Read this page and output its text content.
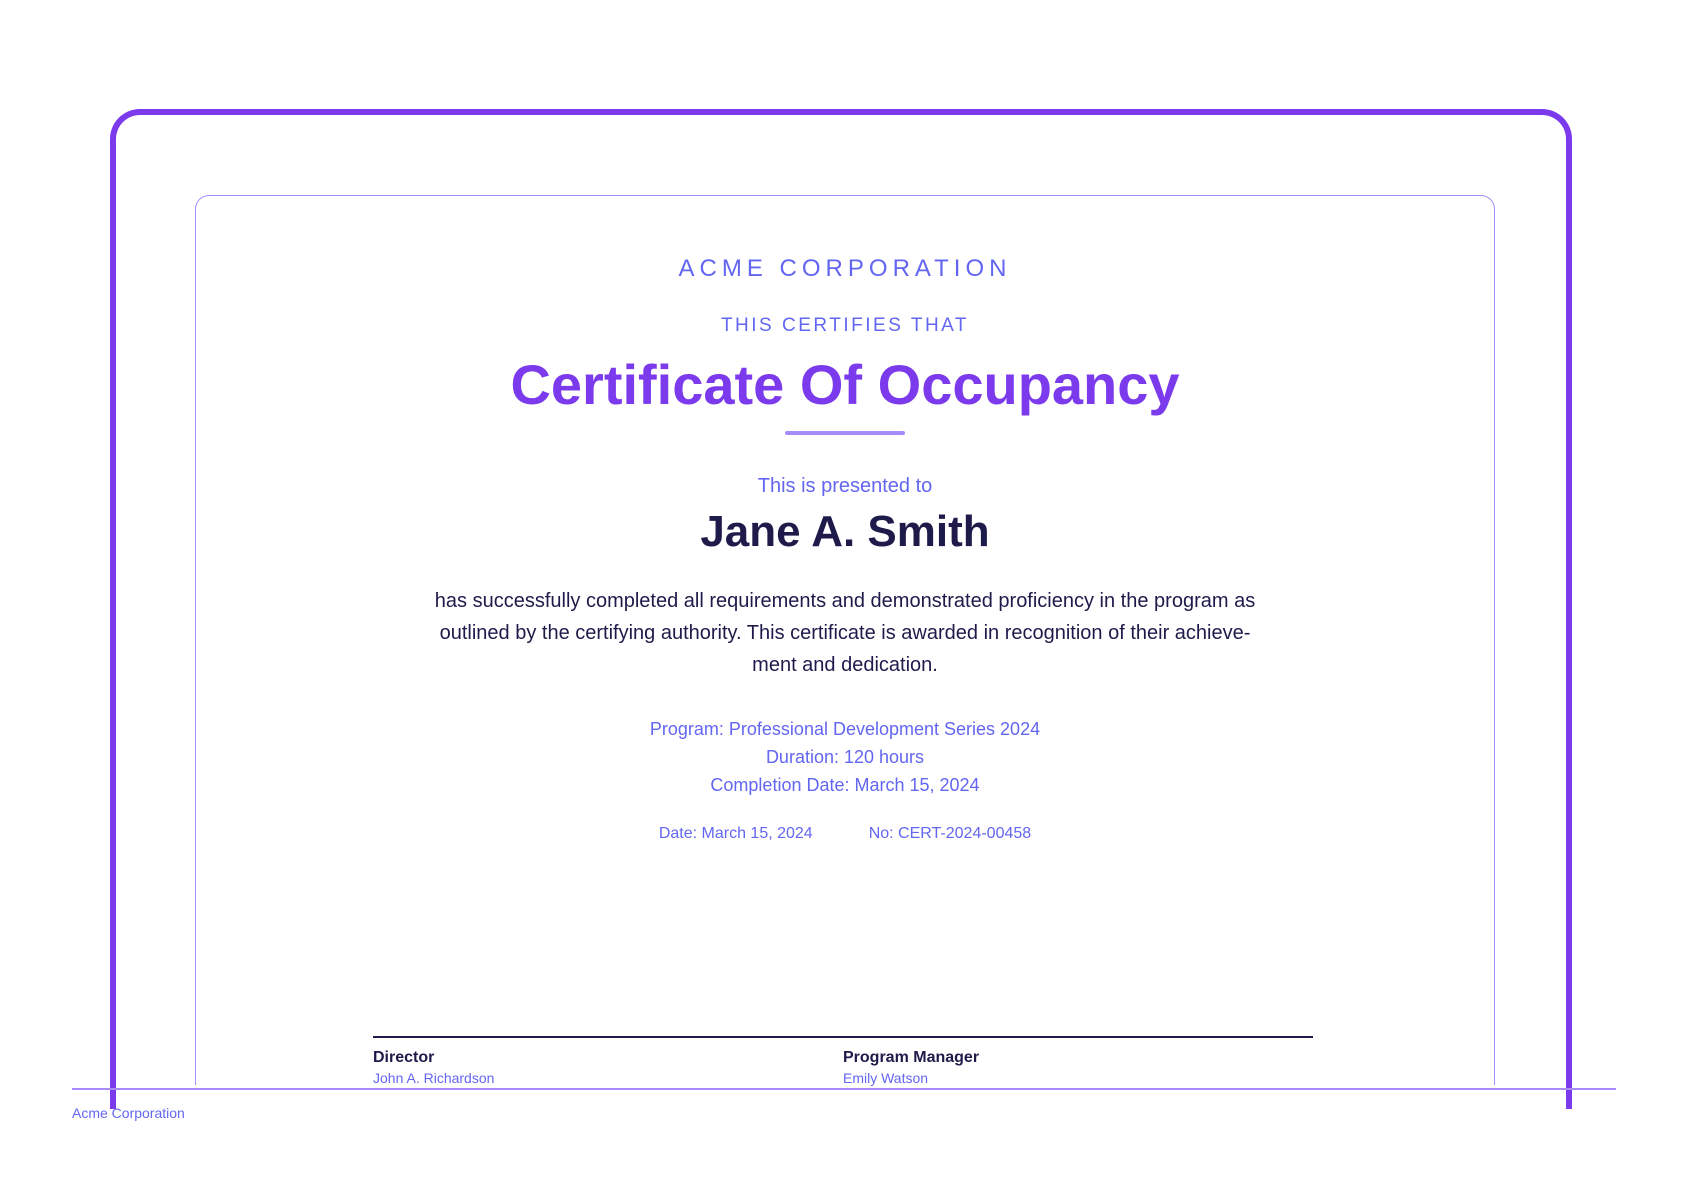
ACME CORPORATION
THIS CERTIFIES THAT
Certificate Of Occupancy
This is presented to
Jane A. Smith
has successfully completed all requirements and demonstrated proficiency in the program as outlined by the certifying authority. This certificate is awarded in recognition of their achieve-ment and dedication.
Program: Professional Development Series 2024
Duration: 120 hours
Completion Date: March 15, 2024
Date: March 15, 2024	No: CERT-2024-00458
Director
John A. Richardson
Program Manager
Emily Watson
Acme Corporation
